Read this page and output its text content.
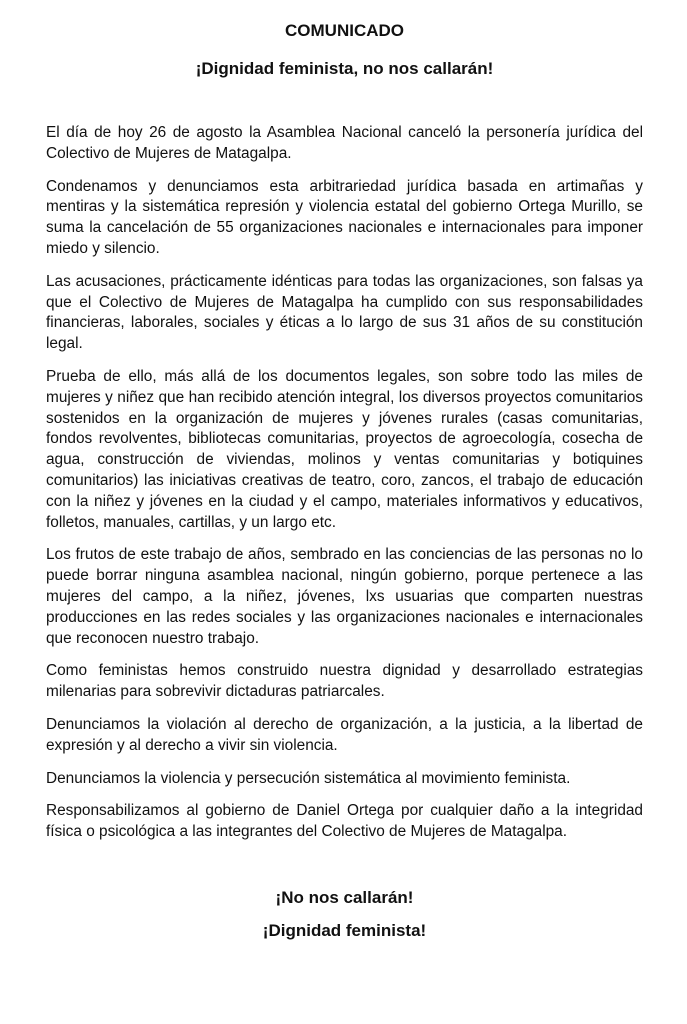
COMUNICADO
¡Dignidad feminista, no nos callarán!

El día de hoy 26 de agosto la Asamblea Nacional canceló la personería jurídica del Colectivo de Mujeres de Matagalpa.

Condenamos y denunciamos esta arbitrariedad jurídica basada en artimañas y mentiras y la sistemática represión y violencia estatal del gobierno Ortega Murillo, se suma la cancelación de 55 organizaciones nacionales e internacionales para imponer miedo y silencio.

Las acusaciones, prácticamente idénticas para todas las organizaciones, son falsas ya que el Colectivo de Mujeres de Matagalpa ha cumplido con sus responsabilidades financieras, laborales, sociales y éticas a lo largo de sus 31 años de su constitución legal.

Prueba de ello, más allá de los documentos legales, son sobre todo las miles de mujeres y niñez que han recibido atención integral, los diversos proyectos comunitarios sostenidos en la organización de mujeres y jóvenes rurales (casas comunitarias, fondos revolventes, bibliotecas comunitarias, proyectos de agroecología, cosecha de agua, construcción de viviendas, molinos y ventas comunitarias y botiquines comunitarios) las iniciativas creativas de teatro, coro, zancos, el trabajo de educación con la niñez y jóvenes en la ciudad y el campo, materiales informativos y educativos, folletos, manuales, cartillas, y un largo etc.

Los frutos de este trabajo de años, sembrado en las conciencias de las personas no lo puede borrar ninguna asamblea nacional, ningún gobierno, porque pertenece a las mujeres del campo, a la niñez, jóvenes, lxs usuarias que comparten nuestras producciones en las redes sociales y las organizaciones nacionales e internacionales que reconocen nuestro trabajo.

Como feministas hemos construido nuestra dignidad y desarrollado estrategias milenarias para sobrevivir dictaduras patriarcales.

Denunciamos la violación al derecho de organización, a la justicia, a la libertad de expresión y al derecho a vivir sin violencia.

Denunciamos la violencia y persecución sistemática al movimiento feminista.

Responsabilizamos al gobierno de Daniel Ortega por cualquier daño a la integridad física o psicológica a las integrantes del Colectivo de Mujeres de Matagalpa.

¡No nos callarán!

¡Dignidad feminista!
